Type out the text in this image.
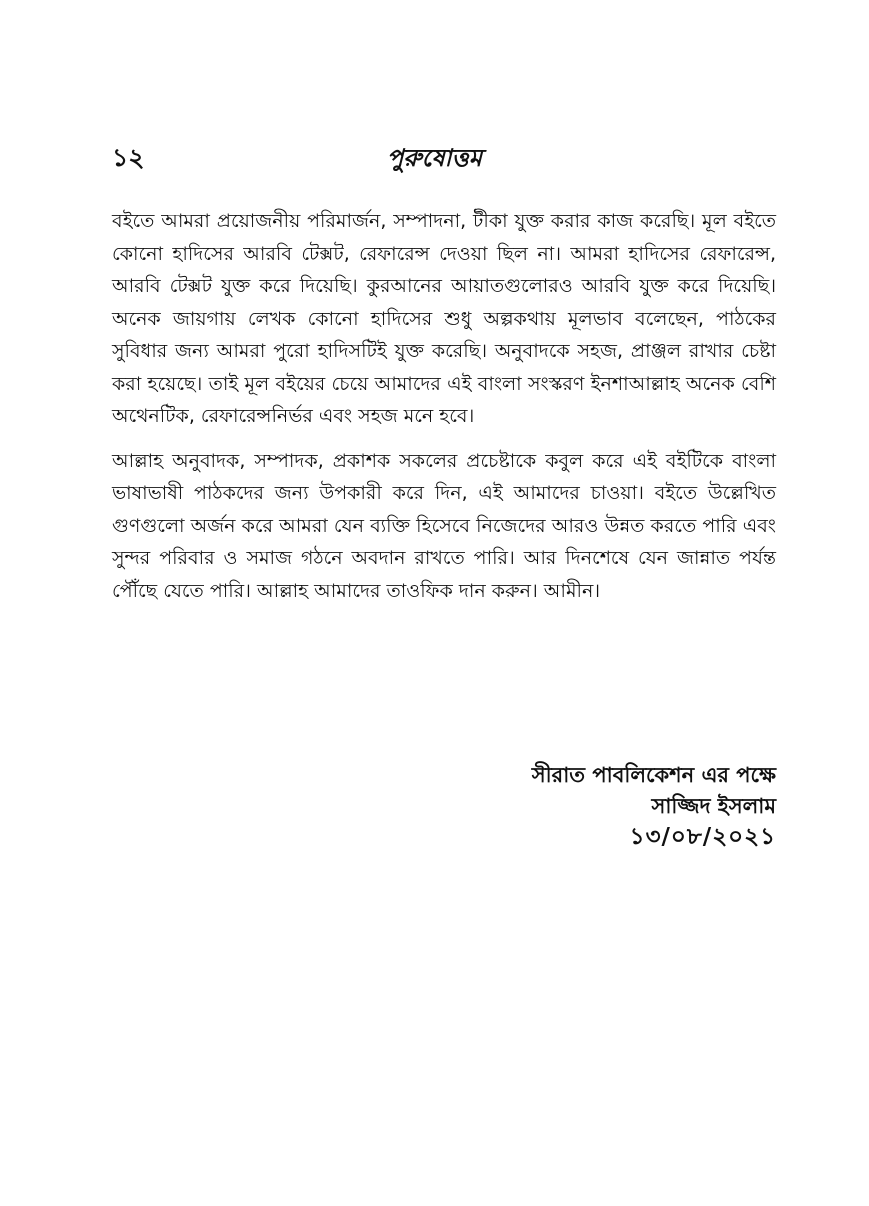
১২	পুরুষোত্তম

বইতে আমরা প্রয়োজনীয় পরিমার্জন, সম্পাদনা, টীকা যুক্ত করার কাজ করেছি। মূল বইতে কোনো হাদিসের আরবি টেক্সট, রেফারেন্স দেওয়া ছিল না। আমরা হাদিসের রেফারেন্স, আরবি টেক্সট যুক্ত করে দিয়েছি। কুরআনের আয়াতগুলোরও আরবি যুক্ত করে দিয়েছি। অনেক জায়গায় লেখক কোনো হাদিসের শুধু অল্পকথায় মূলভাব বলেছেন, পাঠকের সুবিধার জন্য আমরা পুরো হাদিসটিই যুক্ত করেছি। অনুবাদকে সহজ, প্রাঞ্জল রাখার চেষ্টা করা হয়েছে। তাই মূল বইয়ের চেয়ে আমাদের এই বাংলা সংস্করণ ইনশাআল্লাহ অনেক বেশি অথেনটিক, রেফারেন্সনির্ভর এবং সহজ মনে হবে।

আল্লাহ অনুবাদক, সম্পাদক, প্রকাশক সকলের প্রচেষ্টাকে কবুল করে এই বইটিকে বাংলা ভাষাভাষী পাঠকদের জন্য উপকারী করে দিন, এই আমাদের চাওয়া। বইতে উল্লেখিত গুণগুলো অর্জন করে আমরা যেন ব্যক্তি হিসেবে নিজেদের আরও উন্নত করতে পারি এবং সুন্দর পরিবার ও সমাজ গঠনে অবদান রাখতে পারি। আর দিনশেষে যেন জান্নাত পর্যন্ত পৌঁছে যেতে পারি। আল্লাহ আমাদের তাওফিক দান করুন। আমীন।

সীরাত পাবলিকেশন এর পক্ষে
সাজ্জিদ ইসলাম
১৩/০৮/২০২১
